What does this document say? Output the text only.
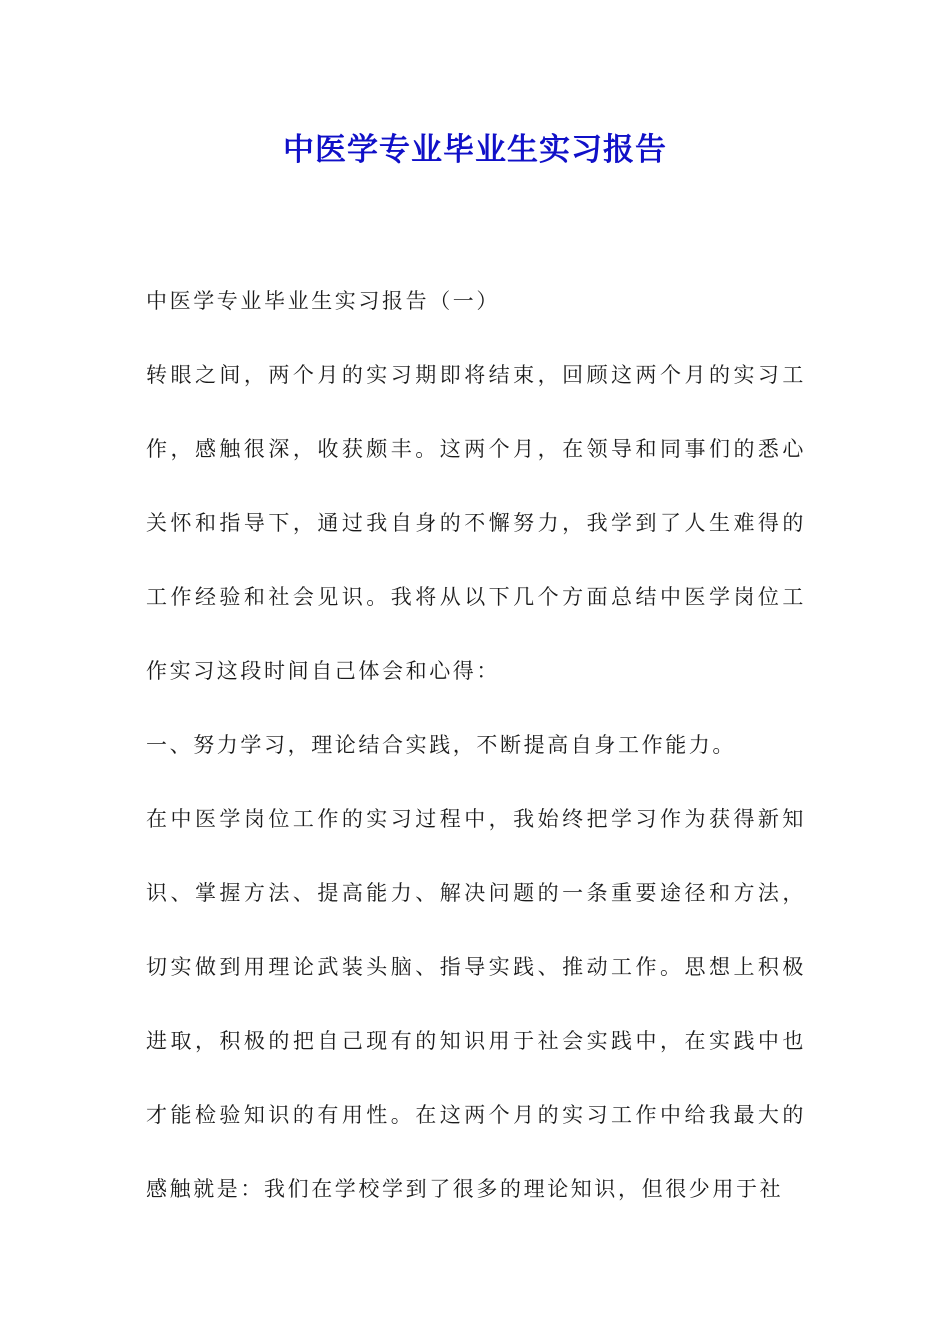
中医学专业毕业生实习报告

中医学专业毕业生实习报告（一）

转眼之间，两个月的实习期即将结束，回顾这两个月的实习工作，感触很深，收获颇丰。这两个月，在领导和同事们的悉心关怀和指导下，通过我自身的不懈努力，我学到了人生难得的工作经验和社会见识。我将从以下几个方面总结中医学岗位工作实习这段时间自己体会和心得：

一、努力学习，理论结合实践，不断提高自身工作能力。

在中医学岗位工作的实习过程中，我始终把学习作为获得新知识、掌握方法、提高能力、解决问题的一条重要途径和方法，切实做到用理论武装头脑、指导实践、推动工作。思想上积极进取，积极的把自己现有的知识用于社会实践中，在实践中也才能检验知识的有用性。在这两个月的实习工作中给我最大的感触就是：我们在学校学到了很多的理论知识，但很少用于社
